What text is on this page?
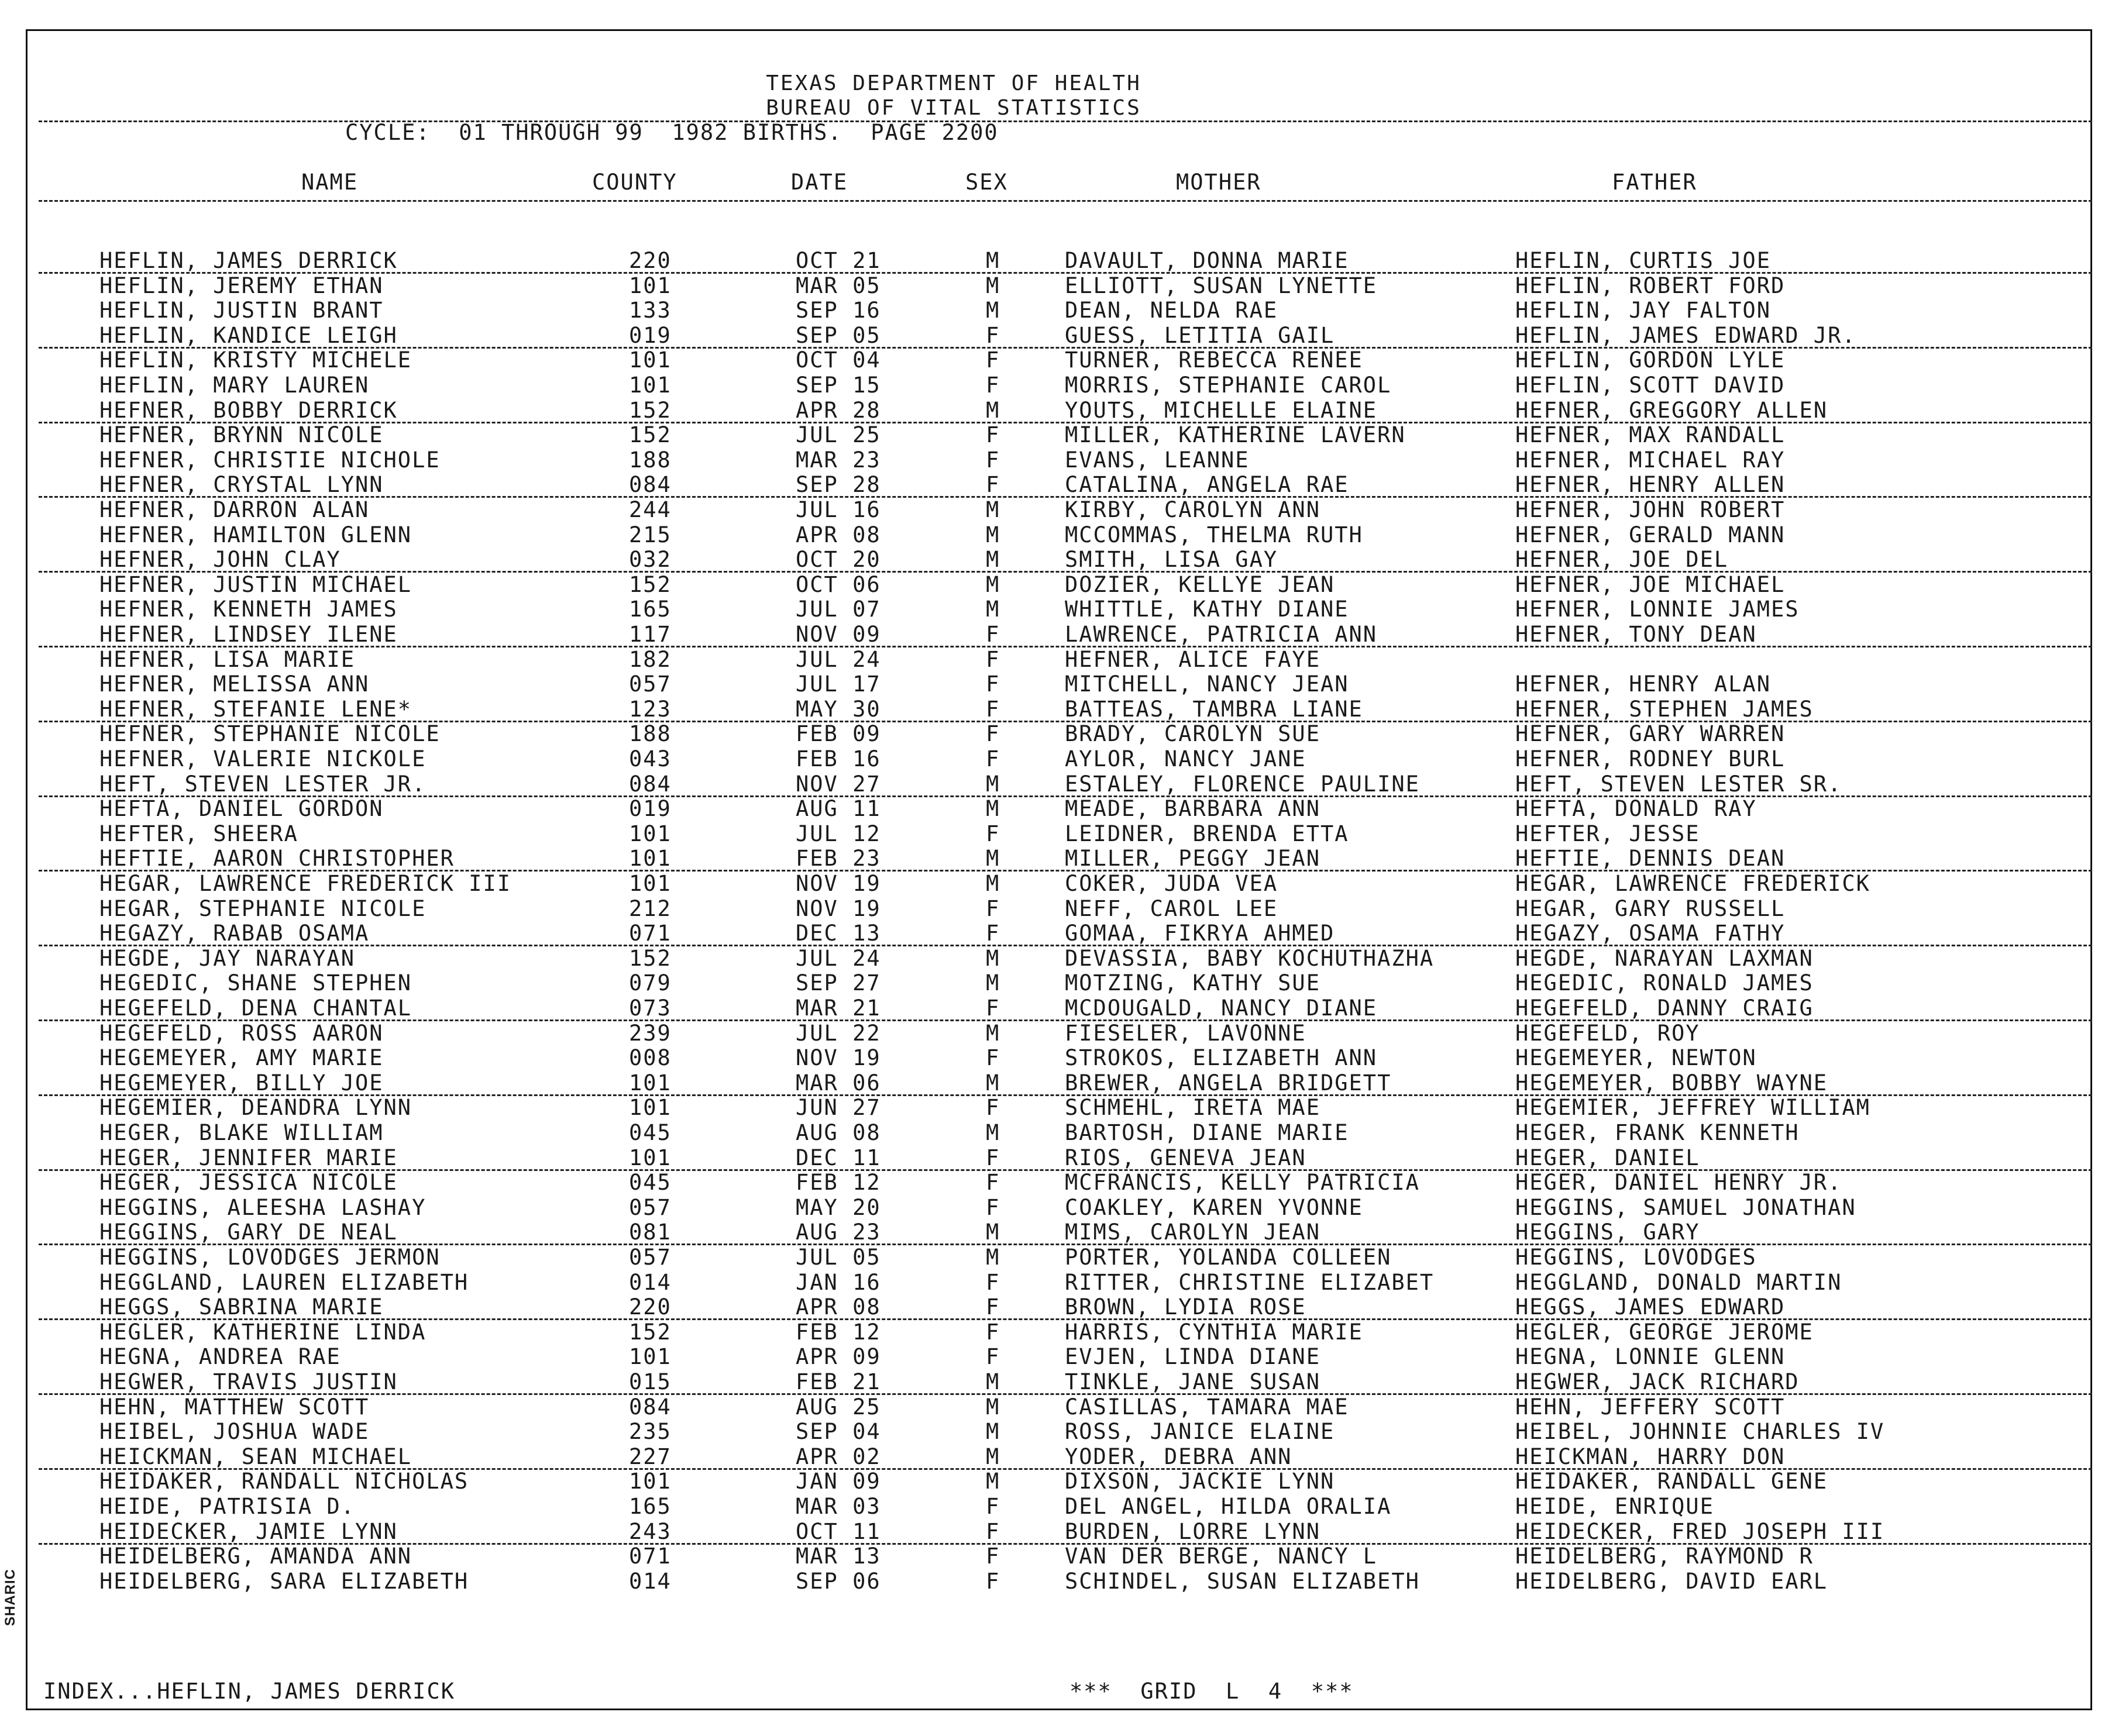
SHARIC
TEXAS DEPARTMENT OF HEALTH
BUREAU OF VITAL STATISTICS
CYCLE:  01 THROUGH 99  1982 BIRTHS.  PAGE 2200
NAME	COUNTY	DATE	SEX	MOTHER	FATHER
HEFLIN, JAMES DERRICK	220	OCT 21	M	DAVAULT, DONNA MARIE	HEFLIN, CURTIS JOE
HEFLIN, JEREMY ETHAN	101	MAR 05	M	ELLIOTT, SUSAN LYNETTE	HEFLIN, ROBERT FORD
HEFLIN, JUSTIN BRANT	133	SEP 16	M	DEAN, NELDA RAE	HEFLIN, JAY FALTON
HEFLIN, KANDICE LEIGH	019	SEP 05	F	GUESS, LETITIA GAIL	HEFLIN, JAMES EDWARD JR.
HEFLIN, KRISTY MICHELE	101	OCT 04	F	TURNER, REBECCA RENEE	HEFLIN, GORDON LYLE
HEFLIN, MARY LAUREN	101	SEP 15	F	MORRIS, STEPHANIE CAROL	HEFLIN, SCOTT DAVID
HEFNER, BOBBY DERRICK	152	APR 28	M	YOUTS, MICHELLE ELAINE	HEFNER, GREGGORY ALLEN
HEFNER, BRYNN NICOLE	152	JUL 25	F	MILLER, KATHERINE LAVERN	HEFNER, MAX RANDALL
HEFNER, CHRISTIE NICHOLE	188	MAR 23	F	EVANS, LEANNE	HEFNER, MICHAEL RAY
HEFNER, CRYSTAL LYNN	084	SEP 28	F	CATALINA, ANGELA RAE	HEFNER, HENRY ALLEN
HEFNER, DARRON ALAN	244	JUL 16	M	KIRBY, CAROLYN ANN	HEFNER, JOHN ROBERT
HEFNER, HAMILTON GLENN	215	APR 08	M	MCCOMMAS, THELMA RUTH	HEFNER, GERALD MANN
HEFNER, JOHN CLAY	032	OCT 20	M	SMITH, LISA GAY	HEFNER, JOE DEL
HEFNER, JUSTIN MICHAEL	152	OCT 06	M	DOZIER, KELLYE JEAN	HEFNER, JOE MICHAEL
HEFNER, KENNETH JAMES	165	JUL 07	M	WHITTLE, KATHY DIANE	HEFNER, LONNIE JAMES
HEFNER, LINDSEY ILENE	117	NOV 09	F	LAWRENCE, PATRICIA ANN	HEFNER, TONY DEAN
HEFNER, LISA MARIE	182	JUL 24	F	HEFNER, ALICE FAYE
HEFNER, MELISSA ANN	057	JUL 17	F	MITCHELL, NANCY JEAN	HEFNER, HENRY ALAN
HEFNER, STEFANIE LENE*	123	MAY 30	F	BATTEAS, TAMBRA LIANE	HEFNER, STEPHEN JAMES
HEFNER, STEPHANIE NICOLE	188	FEB 09	F	BRADY, CAROLYN SUE	HEFNER, GARY WARREN
HEFNER, VALERIE NICKOLE	043	FEB 16	F	AYLOR, NANCY JANE	HEFNER, RODNEY BURL
HEFT, STEVEN LESTER JR.	084	NOV 27	M	ESTALEY, FLORENCE PAULINE	HEFT, STEVEN LESTER SR.
HEFTA, DANIEL GORDON	019	AUG 11	M	MEADE, BARBARA ANN	HEFTA, DONALD RAY
HEFTER, SHEERA	101	JUL 12	F	LEIDNER, BRENDA ETTA	HEFTER, JESSE
HEFTIE, AARON CHRISTOPHER	101	FEB 23	M	MILLER, PEGGY JEAN	HEFTIE, DENNIS DEAN
HEGAR, LAWRENCE FREDERICK III	101	NOV 19	M	COKER, JUDA VEA	HEGAR, LAWRENCE FREDERICK
HEGAR, STEPHANIE NICOLE	212	NOV 19	F	NEFF, CAROL LEE	HEGAR, GARY RUSSELL
HEGAZY, RABAB OSAMA	071	DEC 13	F	GOMAA, FIKRYA AHMED	HEGAZY, OSAMA FATHY
HEGDE, JAY NARAYAN	152	JUL 24	M	DEVASSIA, BABY KOCHUTHAZHA	HEGDE, NARAYAN LAXMAN
HEGEDIC, SHANE STEPHEN	079	SEP 27	M	MOTZING, KATHY SUE	HEGEDIC, RONALD JAMES
HEGEFELD, DENA CHANTAL	073	MAR 21	F	MCDOUGALD, NANCY DIANE	HEGEFELD, DANNY CRAIG
HEGEFELD, ROSS AARON	239	JUL 22	M	FIESELER, LAVONNE	HEGEFELD, ROY
HEGEMEYER, AMY MARIE	008	NOV 19	F	STROKOS, ELIZABETH ANN	HEGEMEYER, NEWTON
HEGEMEYER, BILLY JOE	101	MAR 06	M	BREWER, ANGELA BRIDGETT	HEGEMEYER, BOBBY WAYNE
HEGEMIER, DEANDRA LYNN	101	JUN 27	F	SCHMEHL, IRETA MAE	HEGEMIER, JEFFREY WILLIAM
HEGER, BLAKE WILLIAM	045	AUG 08	M	BARTOSH, DIANE MARIE	HEGER, FRANK KENNETH
HEGER, JENNIFER MARIE	101	DEC 11	F	RIOS, GENEVA JEAN	HEGER, DANIEL
HEGER, JESSICA NICOLE	045	FEB 12	F	MCFRANCIS, KELLY PATRICIA	HEGER, DANIEL HENRY JR.
HEGGINS, ALEESHA LASHAY	057	MAY 20	F	COAKLEY, KAREN YVONNE	HEGGINS, SAMUEL JONATHAN
HEGGINS, GARY DE NEAL	081	AUG 23	M	MIMS, CAROLYN JEAN	HEGGINS, GARY
HEGGINS, LOVODGES JERMON	057	JUL 05	M	PORTER, YOLANDA COLLEEN	HEGGINS, LOVODGES
HEGGLAND, LAUREN ELIZABETH	014	JAN 16	F	RITTER, CHRISTINE ELIZABET	HEGGLAND, DONALD MARTIN
HEGGS, SABRINA MARIE	220	APR 08	F	BROWN, LYDIA ROSE	HEGGS, JAMES EDWARD
HEGLER, KATHERINE LINDA	152	FEB 12	F	HARRIS, CYNTHIA MARIE	HEGLER, GEORGE JEROME
HEGNA, ANDREA RAE	101	APR 09	F	EVJEN, LINDA DIANE	HEGNA, LONNIE GLENN
HEGWER, TRAVIS JUSTIN	015	FEB 21	M	TINKLE, JANE SUSAN	HEGWER, JACK RICHARD
HEHN, MATTHEW SCOTT	084	AUG 25	M	CASILLAS, TAMARA MAE	HEHN, JEFFERY SCOTT
HEIBEL, JOSHUA WADE	235	SEP 04	M	ROSS, JANICE ELAINE	HEIBEL, JOHNNIE CHARLES IV
HEICKMAN, SEAN MICHAEL	227	APR 02	M	YODER, DEBRA ANN	HEICKMAN, HARRY DON
HEIDAKER, RANDALL NICHOLAS	101	JAN 09	M	DIXSON, JACKIE LYNN	HEIDAKER, RANDALL GENE
HEIDE, PATRISIA D.	165	MAR 03	F	DEL ANGEL, HILDA ORALIA	HEIDE, ENRIQUE
HEIDECKER, JAMIE LYNN	243	OCT 11	F	BURDEN, LORRE LYNN	HEIDECKER, FRED JOSEPH III
HEIDELBERG, AMANDA ANN	071	MAR 13	F	VAN DER BERGE, NANCY L	HEIDELBERG, RAYMOND R
HEIDELBERG, SARA ELIZABETH	014	SEP 06	F	SCHINDEL, SUSAN ELIZABETH	HEIDELBERG, DAVID EARL
INDEX...HEFLIN, JAMES DERRICK	***  GRID  L  4  ***
